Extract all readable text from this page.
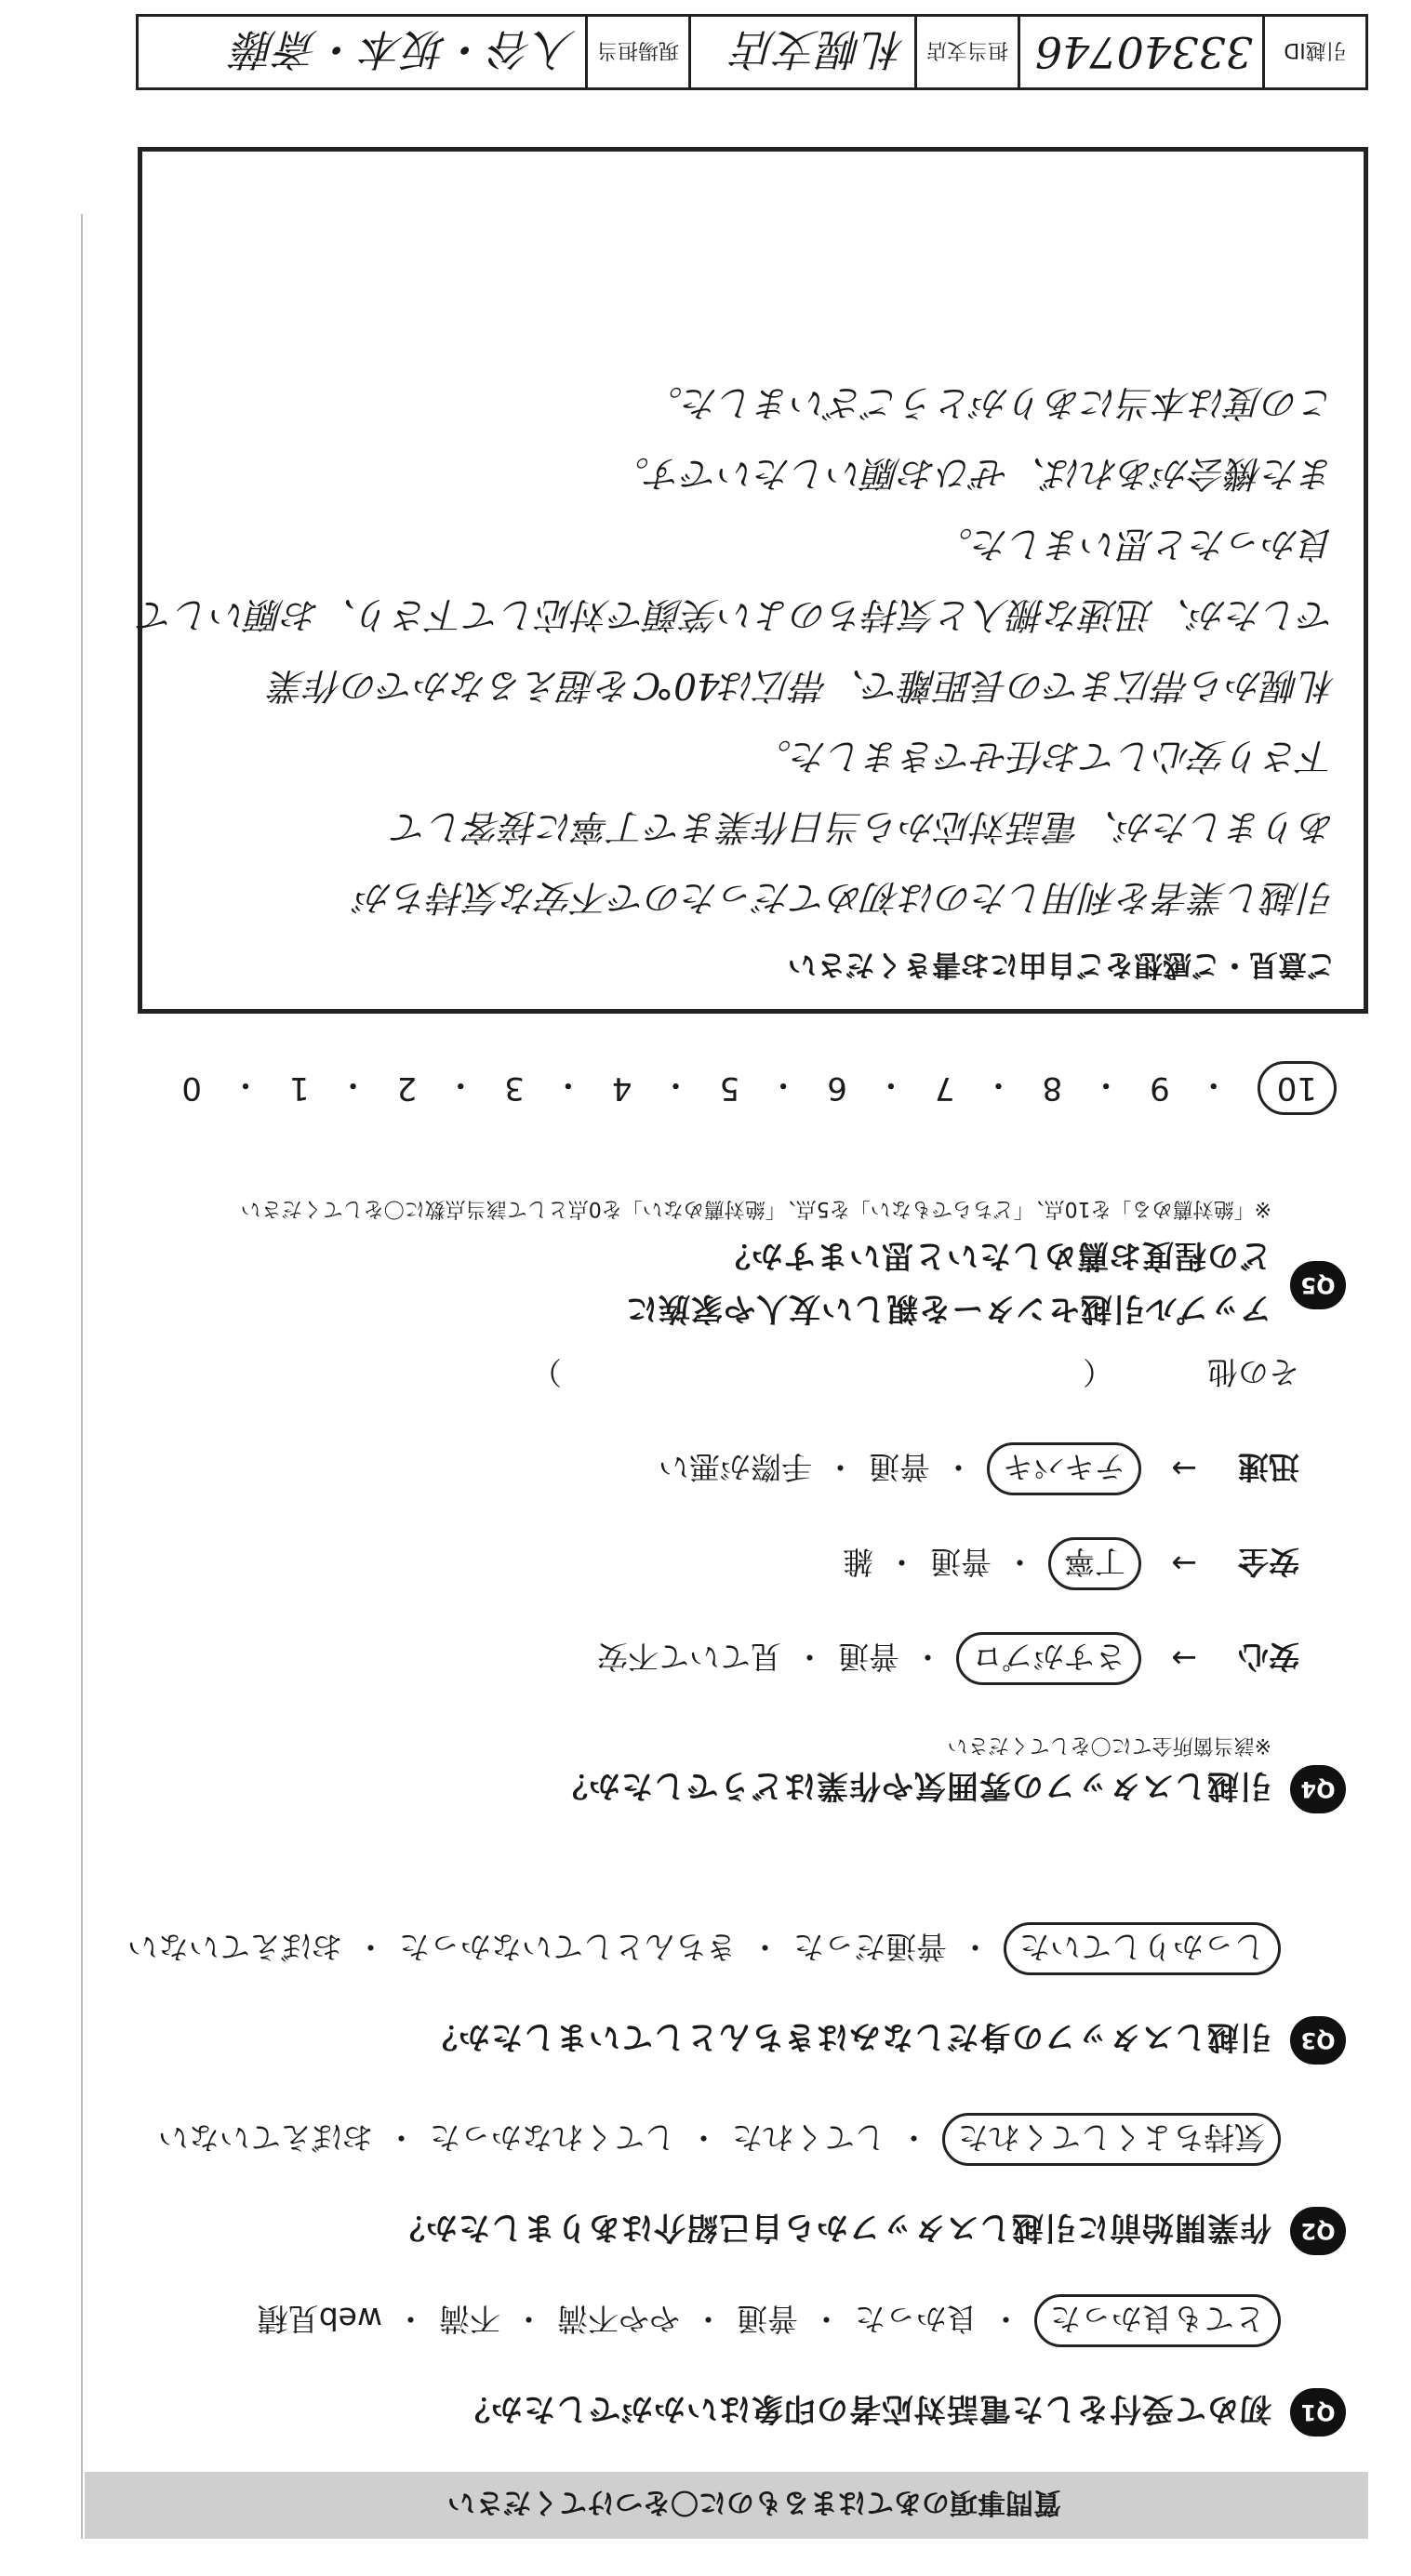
引越ID	33340746	担当支店	札幌支店	現場担当	入谷・坂本・斎藤
質問事項のあてはまるものに〇をつけてください
Q1
初めて受付をした電話対応者の印象はいかがでしたか？
とても良かった
・
良かった
・
普通
・
やや不満
・
不満
・
web見積
Q2
作業開始前に引越しスタッフから自己紹介はありましたか？
気持ちよくしてくれた
・
してくれた
・
してくれなかった
・
おぼえていない
Q3
引越しスタッフの身だしなみはきちんとしていましたか？
しっかりしていた
・
普通だった
・
きちんとしていなかった
・
おぼえていない
Q4
引越しスタッフの雰囲気や作業はどうでしたか？
※該当箇所全てに〇をしてください
安心
→
さすがプロ
・
普通
・
見ていて不安
安全
→
丁寧
・
普通
・
雑
迅速
→
テキパキ
・
普通
・
手際が悪い
その他
（
）
Q5
アップル引越センターを親しい友人や家族に
どの程度お薦めしたいと思いますか？
※「絶対薦める」を10点、「どちらでもない」を5点、「絶対薦めない」を0点として該当点数に〇をしてください
10
・
9
・
8
・
7
・
6
・
5
・
4
・
3
・
2
・
1
・
0
ご意見・ご感想をご自由にお書きください
引越し業者を利用したのは初めてだったので不安な気持ちが
ありましたが、電話対応から当日作業まで丁寧に接客して
下さり安心してお任せできました。
札幌から帯広までの長距離で、帯広は40℃を超えるなかでの作業
でしたが、迅速な搬入と気持ちのよい笑顔で対応して下さり、お願いして
良かったと思いました。
また機会があれば、ぜひお願いしたいです。
この度は本当にありがとうございました。
